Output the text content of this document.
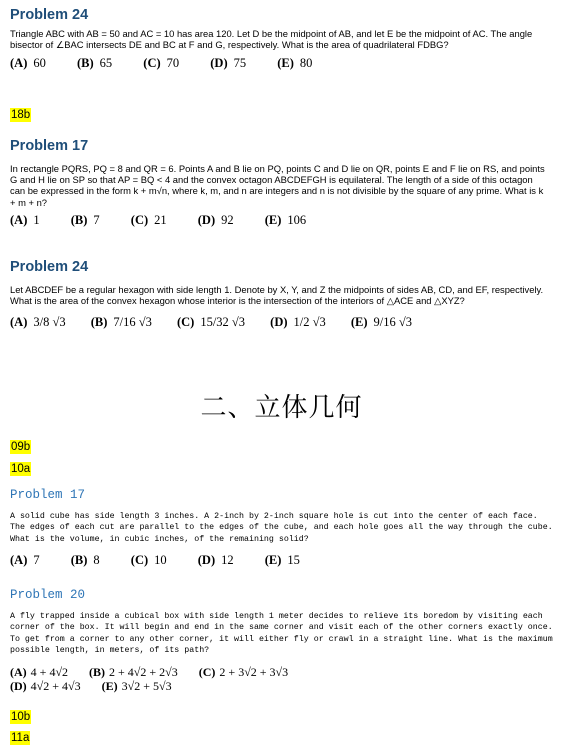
Problem 24

Triangle ABC with AB = 50 and AC = 10 has area 120. Let D be the midpoint of AB, and let E be the midpoint of AC. The angle bisector of ∠BAC intersects DE and BC at F and G, respectively. What is the area of quadrilateral FDBG?

(A) 60 (B) 65 (C) 70 (D) 75 (E) 80
18b
Problem 17

In rectangle PQRS, PQ = 8 and QR = 6. Points A and B lie on PQ, points C and D lie on QR, points E and F lie on RS, and points G and H lie on SP so that AP = BQ < 4 and the convex octagon ABCDEFGH is equilateral. The length of a side of this octagon can be expressed in the form k + m√n, where k, m, and n are integers and n is not divisible by the square of any prime. What is k + m + n?

(A) 1 (B) 7 (C) 21 (D) 92 (E) 106
Problem 24

Let ABCDEF be a regular hexagon with side length 1. Denote by X, Y, and Z the midpoints of sides AB, CD, and EF, respectively. What is the area of the convex hexagon whose interior is the intersection of the interiors of △ACE and △XYZ?

(A) 3/8 √3 (B) 7/16 √3 (C) 15/32 √3 (D) 1/2 √3 (E) 9/16 √3
二、立体几何
09b
10a
Problem 17

A solid cube has side length 3 inches. A 2-inch by 2-inch square hole is cut into the center of each face. The edges of each cut are parallel to the edges of the cube, and each hole goes all the way through the cube. What is the volume, in cubic inches, of the remaining solid?

(A) 7 (B) 8 (C) 10 (D) 12 (E) 15
Problem 20

A fly trapped inside a cubical box with side length 1 meter decides to relieve its boredom by visiting each corner of the box. It will begin and end in the same corner and visit each of the other corners exactly once. To get from a corner to any other corner, it will either fly or crawl in a straight line. What is the maximum possible length, in meters, of its path?

(A) 4 + 4√2 (B) 2 + 4√2 + 2√3 (C) 2 + 3√2 + 3√3
(D) 4√2 + 4√3 (E) 3√2 + 5√3
10b
11a
